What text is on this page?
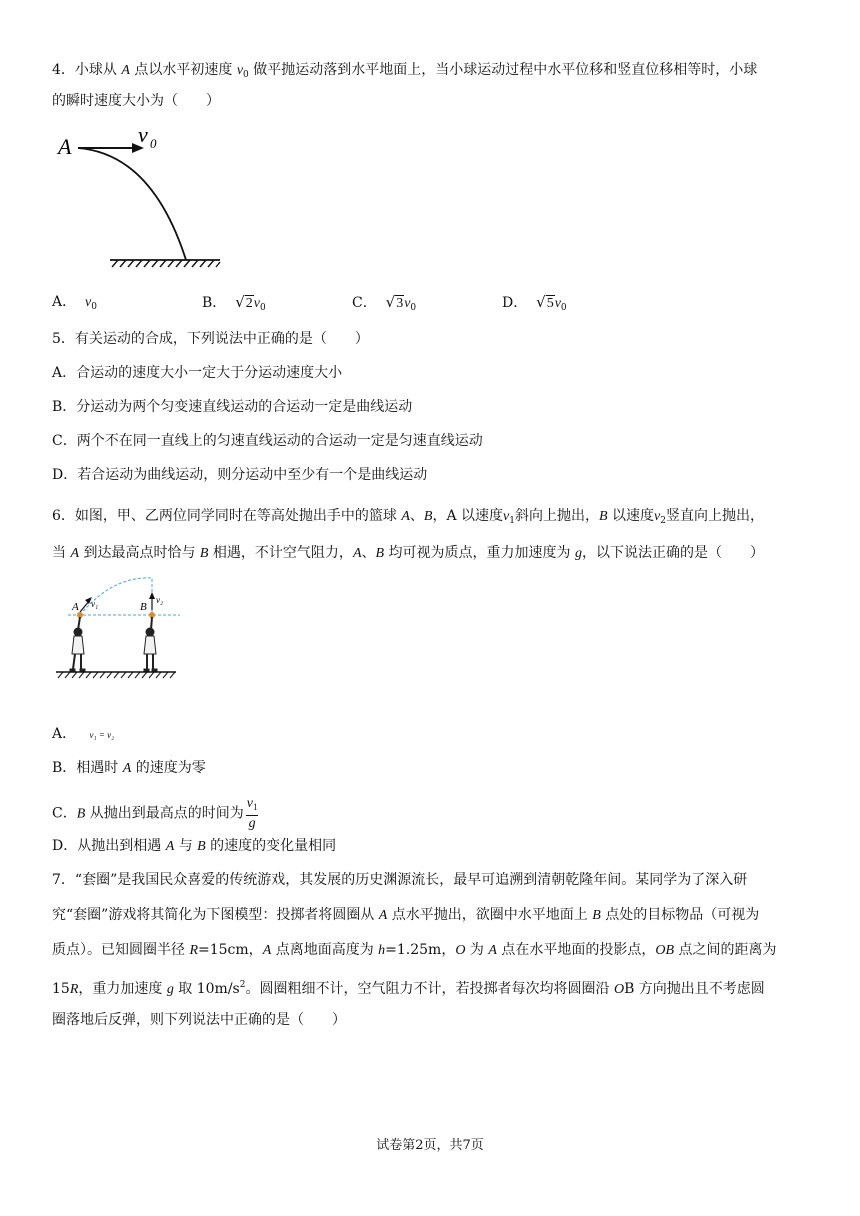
4．小球从 A 点以水平初速度 $v_0$ 做平抛运动落到水平地面上，当小球运动过程中水平位移和竖直位移相等时，小球
的瞬时速度大小为（　　）
A	v 0
A． $v_0$	B． $√2v_0$	C． $√3v_0$	D． $√5v_0$
5．有关运动的合成，下列说法中正确的是（　　）
A．合运动的速度大小一定大于分运动速度大小
B．分运动为两个匀变速直线运动的合运动一定是曲线运动
C．两个不在同一直线上的匀速直线运动的合运动一定是匀速直线运动
D．若合运动为曲线运动，则分运动中至少有一个是曲线运动
6．如图，甲、乙两位同学同时在等高处抛出手中的篮球 A、B，A 以速度$v_1$斜向上抛出，B 以速度$v_2$竖直向上抛出，
当 A 到达最高点时恰与 B 相遇，不计空气阻力，A、B 均可视为质点，重力加速度为 g，以下说法正确的是（　　）
A v₁	B
v₂
A． v₁ = v₂
B．相遇时 A 的速度为零
C．B 从抛出到最高点的时间为 $\frac{v_1}{g}$
D．从抛出到相遇 A 与 B 的速度的变化量相同
7．“套圈”是我国民众喜爱的传统游戏，其发展的历史渊源流长，最早可追溯到清朝乾隆年间。某同学为了深入研
究“套圈”游戏将其简化为下图模型：投掷者将圆圈从 A 点水平抛出，欲圈中水平地面上 B 点处的目标物品（可视为
质点）。已知圆圈半径 R=15cm，A 点离地面高度为 h=1.25m，O 为 A 点在水平地面的投影点，OB 点之间的距离为
15R，重力加速度 g 取 $10m/s^2$。圆圈粗细不计，空气阻力不计，若投掷者每次均将圆圈沿 OB 方向抛出且不考虑圆
圈落地后反弹，则下列说法中正确的是（　　）
试卷第2页，共7页
